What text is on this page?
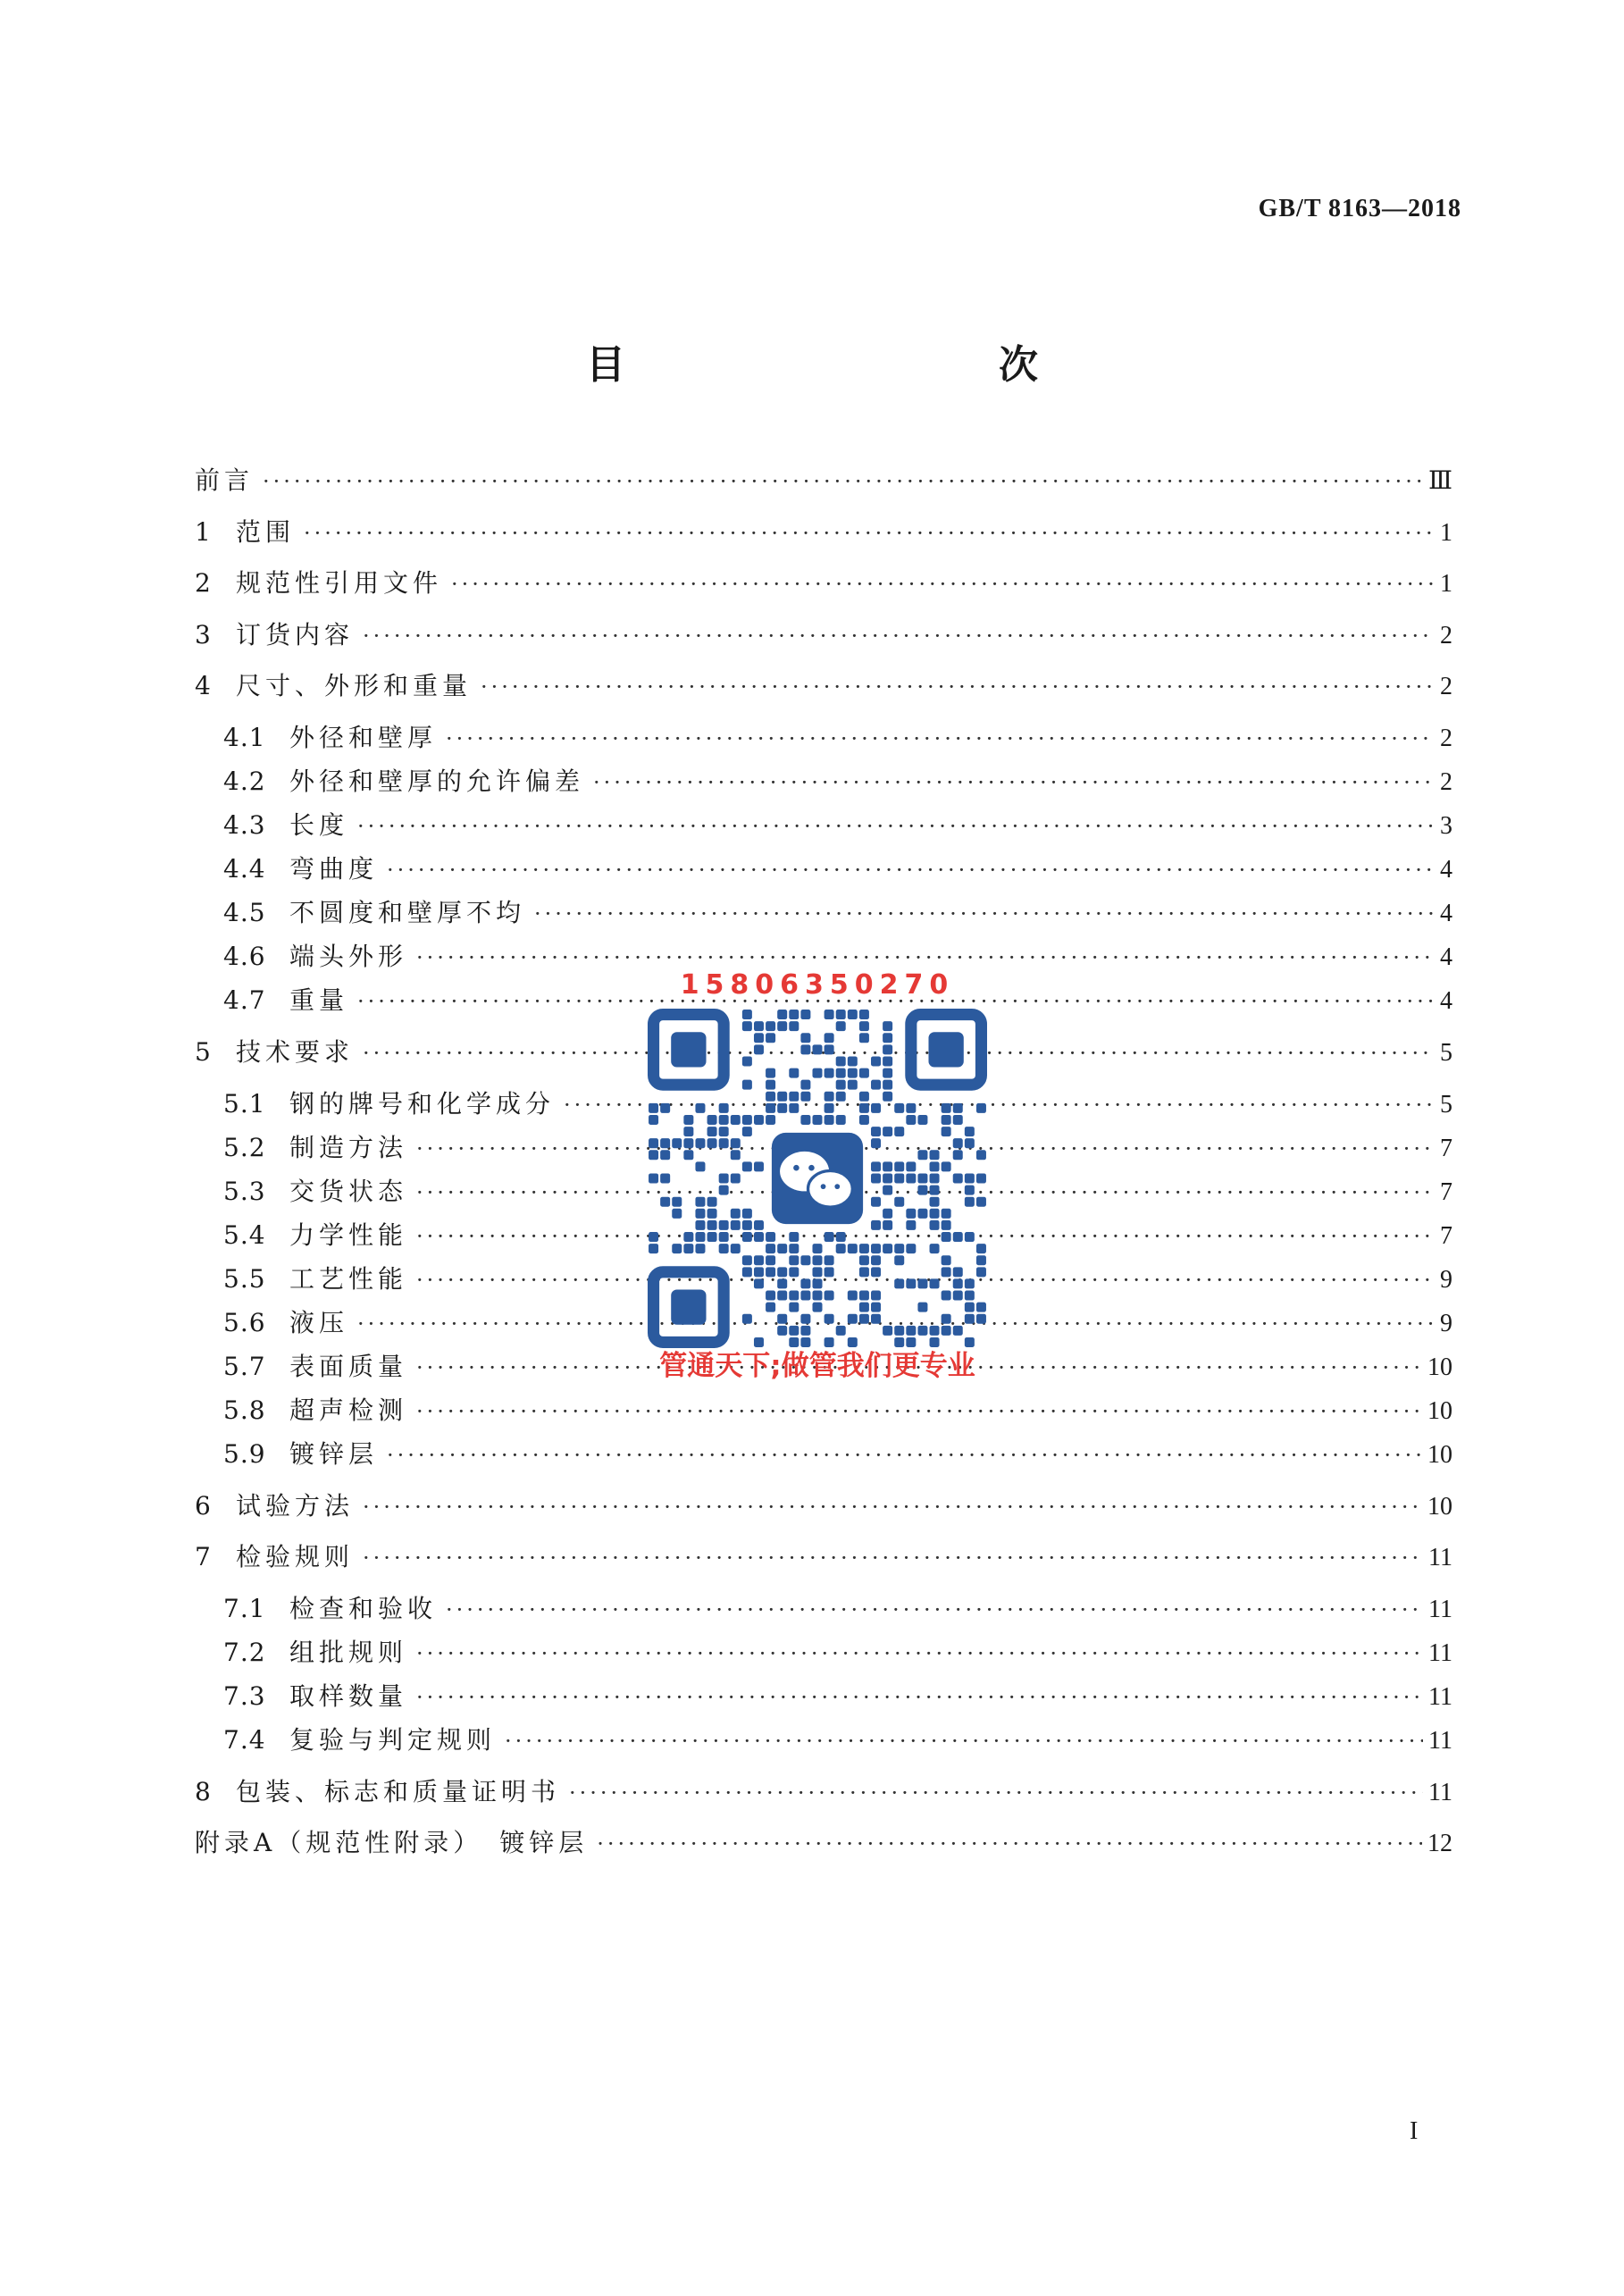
GB/T 8163—2018
目　　次
前言 ·····	Ⅲ
1 范围 ·····	1
2 规范性引用文件 ·····	1
3 订货内容 ·····	2
4 尺寸、外形和重量 ·····	2
4.1 外径和壁厚 ·····	2
4.2 外径和壁厚的允许偏差 ·····	2
4.3 长度 ·····	3
4.4 弯曲度 ·····	4
4.5 不圆度和壁厚不均 ·····	4
4.6 端头外形 ·····	4
4.7 重量 ·····	4
5 技术要求 ·····	5
5.1 钢的牌号和化学成分 ·····	5
5.2 制造方法 ·····	7
5.3 交货状态 ·····	7
5.4 力学性能 ·····	7
5.5 工艺性能 ·····	9
5.6 液压 ·····	9
5.7 表面质量 ·····	10
5.8 超声检测 ·····	10
5.9 镀锌层 ·····	10
6 试验方法 ·····	10
7 检验规则 ·····	11
7.1 检查和验收 ·····	11
7.2 组批规则 ·····	11
7.3 取样数量 ·····	11
7.4 复验与判定规则 ·····	11
8 包装、标志和质量证明书 ·····	11
附录A（规范性附录）　镀锌层 ·····	12
I
15806350270
管通天下;做管我们更专业
